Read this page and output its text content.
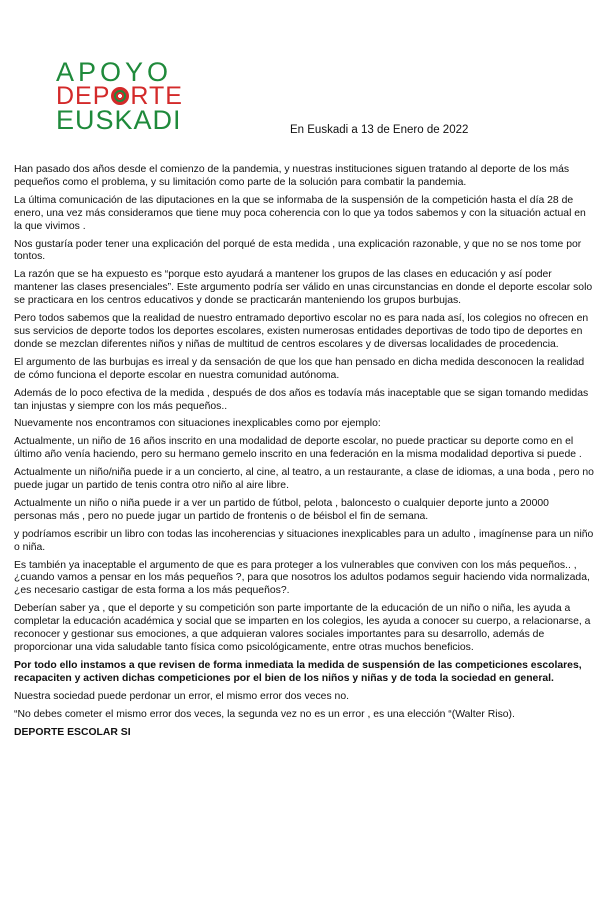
APOYO
DEP RTE
EUSKADI	En Euskadi a 13 de Enero de 2022

Han pasado dos años desde el comienzo de la pandemia, y nuestras instituciones siguen tratando al deporte de los más pequeños como el problema, y su limitación como parte de la solución para combatir la pandemia.

La última comunicación de las diputaciones en la que se informaba de la suspensión de la competición hasta el día 28 de enero, una vez más consideramos que tiene muy poca coherencia con lo que ya todos sabemos y con la situación actual en la que vivimos .

Nos gustaría poder tener una explicación del porqué de esta medida , una explicación razonable, y que no se nos tome por tontos.

La razón que se ha expuesto es “porque esto ayudará a mantener los grupos de las clases en educación y así poder mantener las clases presenciales”. Este argumento podría ser válido en unas circunstancias en donde el deporte escolar solo se practicara en los centros educativos y donde se practicarán manteniendo los grupos burbujas.

Pero todos sabemos que la realidad de nuestro entramado deportivo escolar no es para nada así, los colegios no ofrecen en sus servicios de deporte todos los deportes escolares, existen numerosas entidades deportivas de todo tipo de deportes en donde se mezclan diferentes niños y niñas de multitud de centros escolares y de diversas localidades de procedencia.

El argumento de las burbujas es irreal y da sensación de que los que han pensado en dicha medida desconocen la realidad de cómo funciona el deporte escolar en nuestra comunidad autónoma.

Además de lo poco efectiva de la medida , después de dos años es todavía más inaceptable que se sigan tomando medidas tan injustas y siempre con los más pequeños..

Nuevamente nos encontramos con situaciones inexplicables como por ejemplo:

Actualmente, un niño de 16 años inscrito en una modalidad de deporte escolar, no puede practicar su deporte como en el último año venía haciendo, pero su hermano gemelo inscrito en una federación en la misma modalidad deportiva si puede .

Actualmente un niño/niña puede ir a un concierto, al cine, al teatro, a un restaurante, a clase de idiomas, a una boda , pero no puede jugar un partido de tenis contra otro niño al aire libre.

Actualmente un niño o niña puede ir a ver un partido de fútbol, pelota , baloncesto o cualquier deporte junto a 20000 personas más , pero no puede jugar un partido de frontenis o de béisbol el fin de semana.

y podríamos escribir un libro con todas las incoherencias y situaciones inexplicables para un adulto , imagínense para un niño o niña.

Es también ya inaceptable el argumento de que es para proteger a los vulnerables que conviven con los más pequeños.. , ¿cuando vamos a pensar en los más pequeños ?, para que nosotros los adultos podamos seguir haciendo vida normalizada, ¿es necesario castigar de esta forma a los más pequeños?.

Deberían saber ya , que el deporte y su competición son parte importante de la educación de un niño o niña, les ayuda a completar la educación académica y social que se imparten en los colegios, les ayuda a conocer su cuerpo, a relacionarse, a reconocer y gestionar sus emociones, a que adquieran valores sociales importantes para su desarrollo, además de proporcionar una vida saludable tanto física como psicológicamente, entre otras muchos beneficios.

Por todo ello instamos a que revisen de forma inmediata la medida de suspensión de las competiciones escolares, recapaciten y activen dichas competiciones por el bien de los niños y niñas y de toda la sociedad en general.

Nuestra sociedad puede perdonar un error, el mismo error dos veces no.

“No debes cometer el mismo error dos veces, la segunda vez no es un error , es una elección “(Walter Riso).

DEPORTE ESCOLAR SI
